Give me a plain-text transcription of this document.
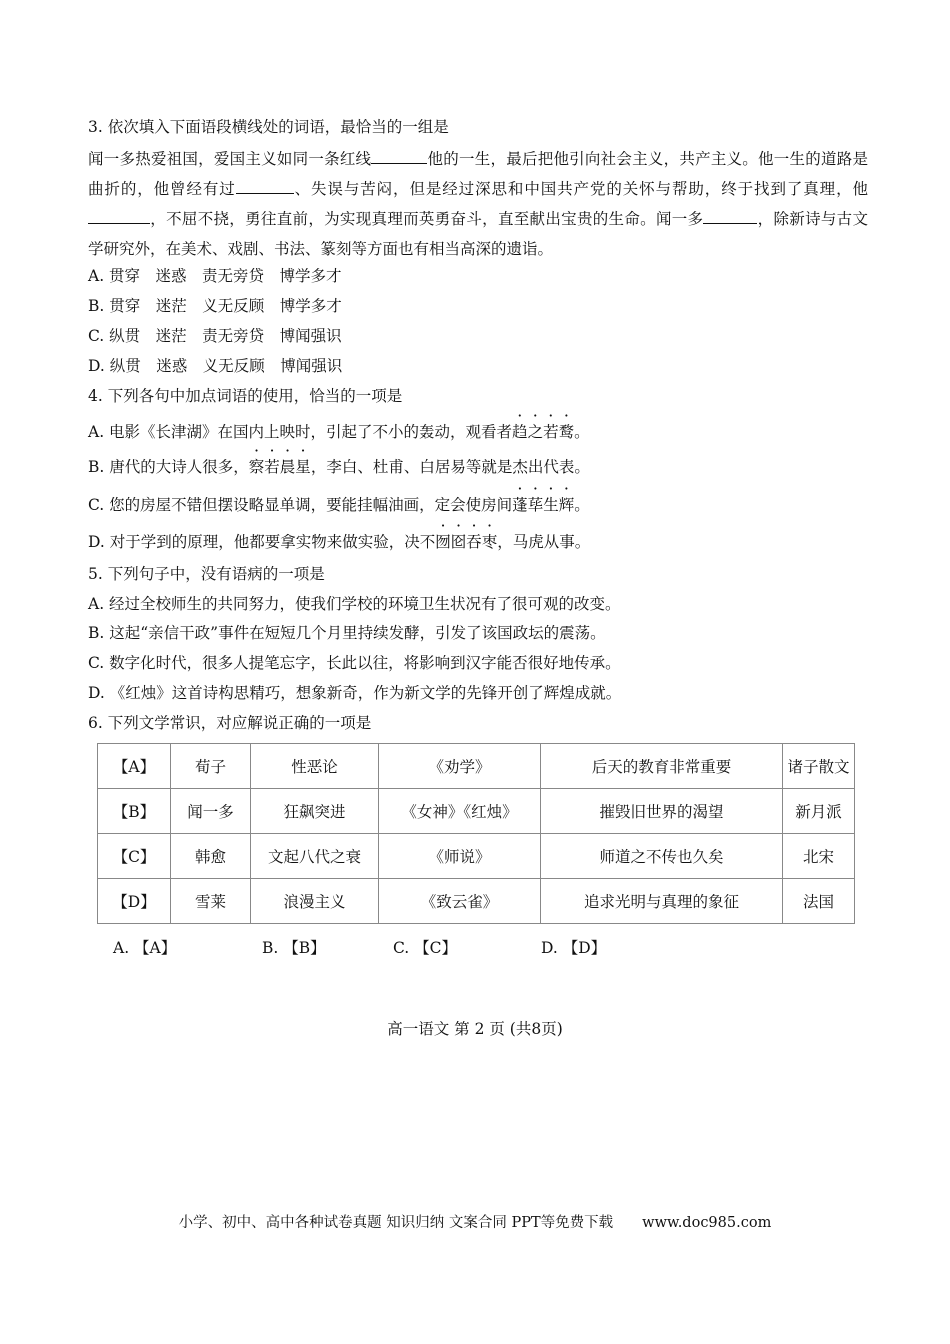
3. 依次填入下面语段横线处的词语，最恰当的一组是
闻一多热爱祖国，爱国主义如同一条红线	他的一生，最后把他引向社会主义，共产主义。他一生的道路是曲折的，他曾经有过	、失误与苦闷，但是经过深思和中国共产党的关怀与帮助，终于找到了真理，他，不屈不挠，勇往直前，为实现真理而英勇奋斗，直至献出宝贵的生命。闻一多	，除新诗与古文学研究外，在美术、戏剧、书法、篆刻等方面也有相当高深的遗诣。
A. 贯穿　迷惑　责无旁贷　博学多才
B. 贯穿　迷茫　义无反顾　博学多才
C. 纵贯　迷茫　责无旁贷　博闻强识
D. 纵贯　迷惑　义无反顾　博闻强识
4. 下列各句中加点词语的使用，恰当的一项是
A. 电影《长津湖》在国内上映时，引起了不小的轰动，观看者趋之若鹜。
B. 唐代的大诗人很多，察若晨星，李白、杜甫、白居易等就是杰出代表。
C. 您的房屋不错但摆设略显单调，要能挂幅油画，定会使房间蓬荜生辉。
D. 对于学到的原理，他都要拿实物来做实验，决不囫囵吞枣，马虎从事。
5. 下列句子中，没有语病的一项是
A. 经过全校师生的共同努力，使我们学校的环境卫生状况有了很可观的改变。
B. 这起“亲信干政”事件在短短几个月里持续发酵，引发了该国政坛的震荡。
C. 数字化时代，很多人提笔忘字，长此以往，将影响到汉字能否很好地传承。
D. 《红烛》这首诗构思精巧，想象新奇，作为新文学的先锋开创了辉煌成就。
6. 下列文学常识，对应解说正确的一项是
【A】	荀子	性恶论	《劝学》	后天的教育非常重要	诸子散文
【B】	闻一多	狂飙突进	《女神》《红烛》	摧毁旧世界的渴望	新月派
【C】	韩愈	文起八代之衰	《师说》	师道之不传也久矣	北宋
【D】	雪莱	浪漫主义	《致云雀》	追求光明与真理的象征	法国
A. 【A】	B. 【B】	C. 【C】	D. 【D】
高一语文 第 2 页 (共8页)
小学、初中、高中各种试卷真题 知识归纳 文案合同 PPT等免费下载　　www.doc985.com
